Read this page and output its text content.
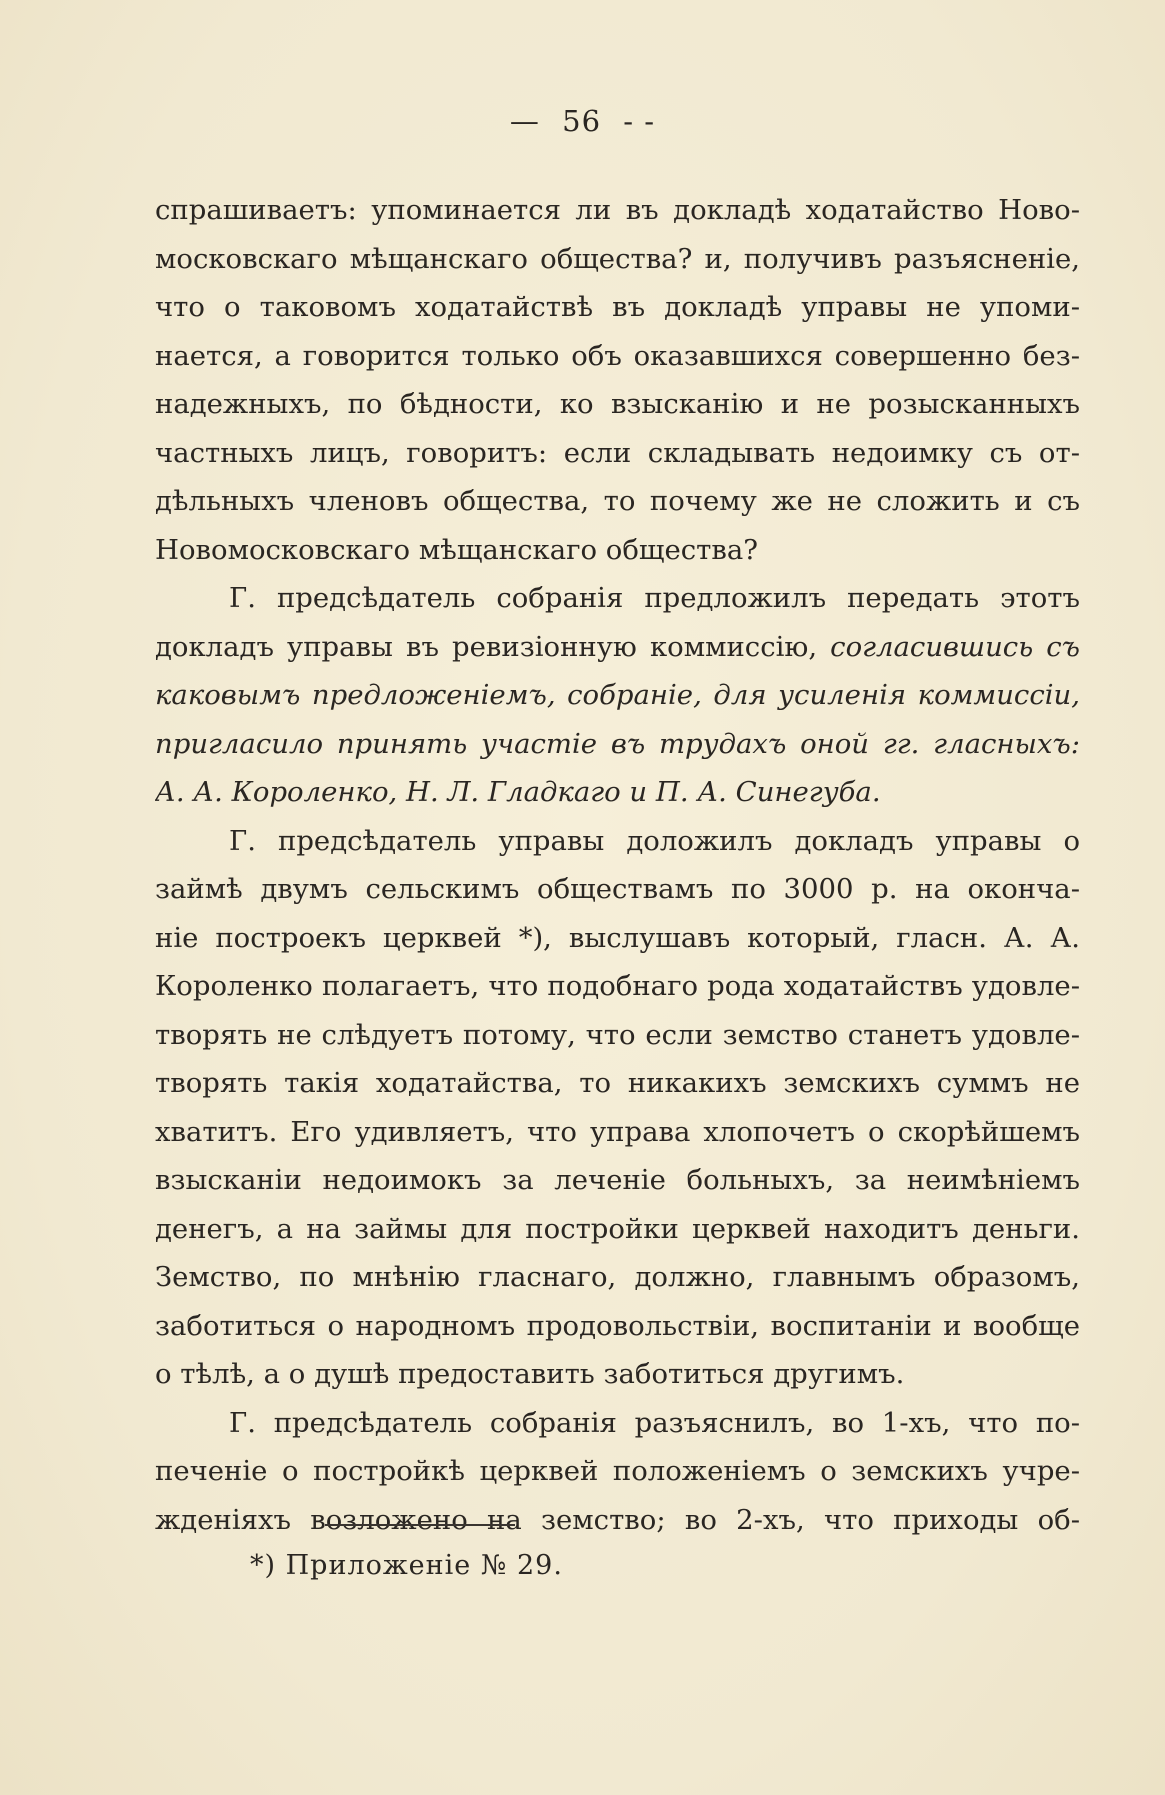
— 56 - -
спрашиваетъ: упоминается ли въ докладѣ ходатайство Ново-
московскаго мѣщанскаго общества? и, получивъ разъясненіе,
что о таковомъ ходатайствѣ въ докладѣ управы не упоми-
нается, а говорится только объ оказавшихся совершенно без-
надежныхъ, по бѣдности, ко взысканію и не розысканныхъ
частныхъ лицъ, говоритъ: если складывать недоимку съ от-
дѣльныхъ членовъ общества, то почему же не сложить и съ
Новомосковскаго мѣщанскаго общества?
Г. предсѣдатель собранія предложилъ передать этотъ
докладъ управы въ ревизіонную коммиссію, согласившись съ
каковымъ предложеніемъ, собраніе, для усиленія коммиссіи,
пригласило принять участіе въ трудахъ оной гг. гласныхъ:
А. А. Короленко, Н. Л. Гладкаго и П. А. Синегуба.
Г. предсѣдатель управы доложилъ докладъ управы о
займѣ двумъ сельскимъ обществамъ по 3000 р. на оконча-
ніе построекъ церквей *), выслушавъ который, гласн. А. А.
Короленко полагаетъ, что подобнаго рода ходатайствъ удовле-
творять не слѣдуетъ потому, что если земство станетъ удовле-
творять такія ходатайства, то никакихъ земскихъ суммъ не
хватитъ. Его удивляетъ, что управа хлопочетъ о скорѣйшемъ
взысканіи недоимокъ за леченіе больныхъ, за неимѣніемъ
денегъ, а на займы для постройки церквей находитъ деньги.
Земство, по мнѣнію гласнаго, должно, главнымъ образомъ,
заботиться о народномъ продовольствіи, воспитаніи и вообще
о тѣлѣ, а о душѣ предоставить заботиться другимъ.
Г. предсѣдатель собранія разъяснилъ, во 1-хъ, что по-
печеніе о постройкѣ церквей положеніемъ о земскихъ учре-
жденіяхъ возложено на земство; во 2-хъ, что приходы об-
*) Приложеніе № 29.
